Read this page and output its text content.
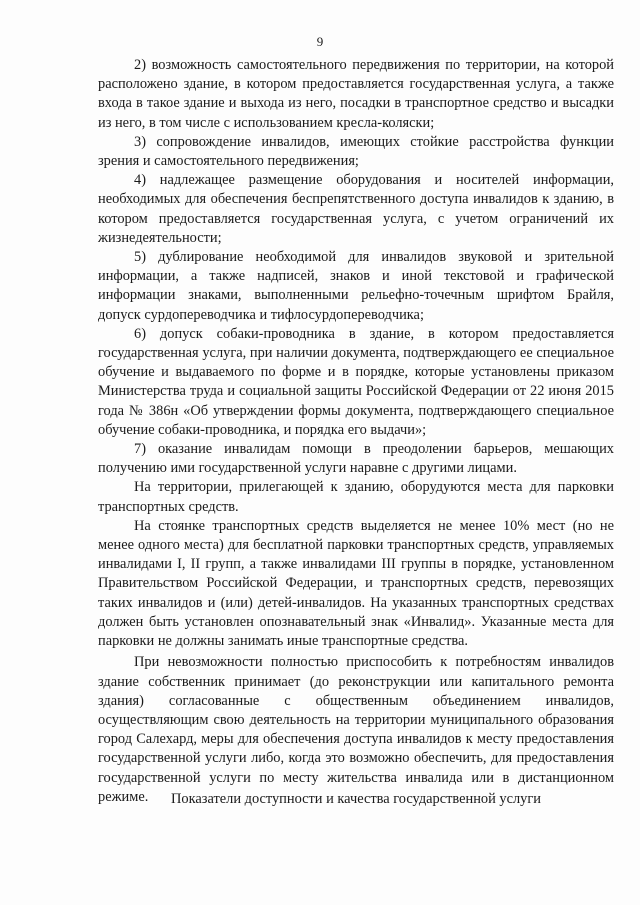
9

2) возможность самостоятельного передвижения по территории, на которой расположено здание, в котором предоставляется государственная услуга, а также входа в такое здание и выхода из него, посадки в транспортное средство и высадки из него, в том числе с использованием кресла-коляски;

3) сопровождение инвалидов, имеющих стойкие расстройства функции зрения и самостоятельного передвижения;

4) надлежащее размещение оборудования и носителей информации, необходимых для обеспечения беспрепятственного доступа инвалидов к зданию, в котором предоставляется государственная услуга, с учетом ограничений их жизнедеятельности;

5) дублирование необходимой для инвалидов звуковой и зрительной информации, а также надписей, знаков и иной текстовой и графической информации знаками, выполненными рельефно-точечным шрифтом Брайля, допуск сурдопереводчика и тифлосурдопереводчика;

6) допуск собаки-проводника в здание, в котором предоставляется государственная услуга, при наличии документа, подтверждающего ее специальное обучение и выдаваемого по форме и в порядке, которые установлены приказом Министерства труда и социальной защиты Российской Федерации от 22 июня 2015 года № 386н «Об утверждении формы документа, подтверждающего специальное обучение собаки-проводника, и порядка его выдачи»;

7) оказание инвалидам помощи в преодолении барьеров, мешающих получению ими государственной услуги наравне с другими лицами.

На территории, прилегающей к зданию, оборудуются места для парковки транспортных средств.

На стоянке транспортных средств выделяется не менее 10% мест (но не менее одного места) для бесплатной парковки транспортных средств, управляемых инвалидами I, II групп, а также инвалидами III группы в порядке, установленном Правительством Российской Федерации, и транспортных средств, перевозящих таких инвалидов и (или) детей-инвалидов. На указанных транспортных средствах должен быть установлен опознавательный знак «Инвалид». Указанные места для парковки не должны занимать иные транспортные средства.

При невозможности полностью приспособить к потребностям инвалидов здание собственник принимает (до реконструкции или капитального ремонта здания) согласованные с общественным объединением инвалидов, осуществляющим свою деятельность на территории муниципального образования город Салехард, меры для обеспечения доступа инвалидов к месту предоставления государственной услуги либо, когда это возможно обеспечить, для предоставления государственной услуги по месту жительства инвалида или в дистанционном режиме.	Показатели доступности и качества государственной услуги
